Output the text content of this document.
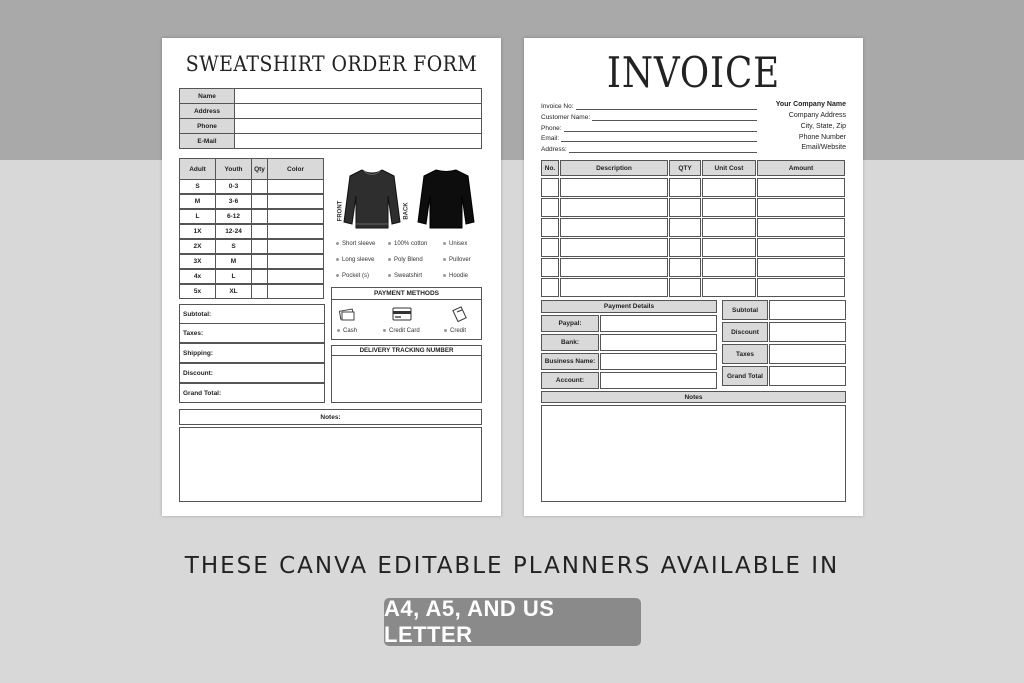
SWEATSHIRT ORDER FORM
Name
Address
Phone
E-Mail
Adult	Youth	Qty	Color
S	0-3
M	3-6
L	6-12
1X	12-24
2X	S
3X	M
4x	L
5x	XL
FRONT	BACK
Short sleeve	100% cotton	Unisex
Long sleeve	Poly Blend	Pullover
Pocket (s)	Sweatshirt	Hoodie
Subtotal:
Taxes:
Shipping:
Discount:
Grand Total:
PAYMENT METHODS
Cash	Credit Card	Credit
DELIVERY TRACKING NUMBER
Notes:
INVOICE
Invoice No:
Customer Name:
Phone:
Email:
Address:
Your Company Name
Company Address
City, State, Zip
Phone Number
Email/Website
No.	Description	QTY	Unit Cost	Amount
Payment Details
Paypal:
Bank:
Business Name:
Account:
Subtotal
Discount
Taxes
Grand Total
Notes
THESE CANVA EDITABLE PLANNERS AVAILABLE IN
A4, A5, AND US LETTER
